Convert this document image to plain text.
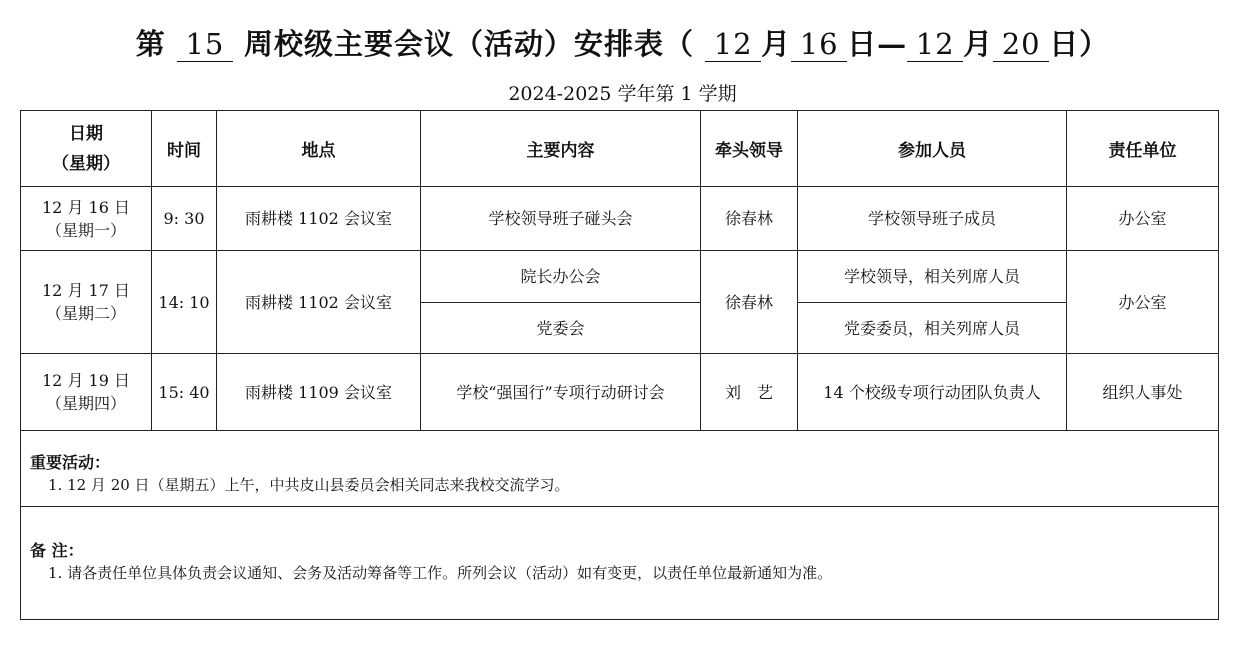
第 15 周校级主要会议（活动）安排表（ 12 月 16 日— 12 月 20 日）
2024-2025 学年第 1 学期
日期
（星期）	时间	地点	主要内容	牵头领导	参加人员	责任单位

12 月 16 日
（星期一）	9: 30	雨耕楼 1102 会议室	学校领导班子碰头会	徐春林	学校领导班子成员	办公室

12 月 17 日
（星期二）	14: 10	雨耕楼 1102 会议室	院长办公会	徐春林	学校领导，相关列席人员	办公室
			党委会		党委委员，相关列席人员	

12 月 19 日
（星期四）	15: 40	雨耕楼 1109 会议室	学校“强国行”专项行动研讨会	刘　艺	14 个校级专项行动团队负责人	组织人事处

重要活动：
1. 12 月 20 日（星期五）上午，中共皮山县委员会相关同志来我校交流学习。						

备 注：
1. 请各责任单位具体负责会议通知、会务及活动筹备等工作。所列会议（活动）如有变更，以责任单位最新通知为准。						
